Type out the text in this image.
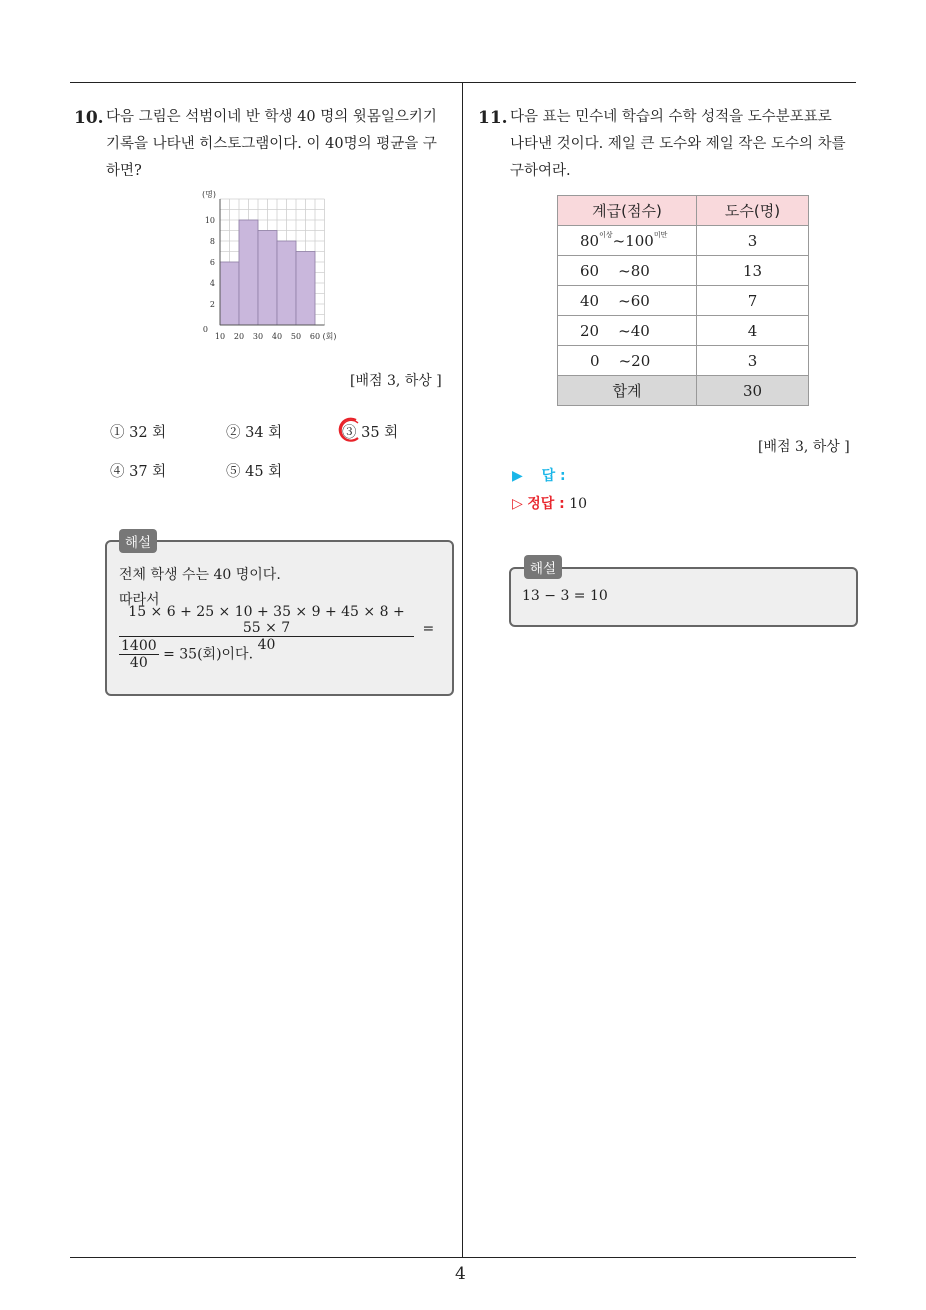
4
10. 다음 그림은 석범이네 반 학생 40 명의 윗몸일으키기
기록을 나타낸 히스토그램이다. 이 40명의 평균을 구
하면?
0
2
4
6
8
10
10 20 30 40 50 60
(명)
(회)
[배점 3, 하상 ]
① 32 회	② 34 회	③ 35 회
④ 37 회	⑤ 45 회
해설
전체 학생 수는 40 명이다.
따라서
$\frac{15 \times 6 + 25 \times 10 + 35 \times 9 + 45 \times 8 + 55 \times 7}{40}$ =
$\frac{1400}{40} = 35$(회)이다.
11. 다음 표는 민수네 학습의 수학 성적을 도수분포표로
나타낸 것이다. 제일 큰 도수와 제일 작은 도수의 차를
구하여라.
계급(점수)	도수(명)
$80^{이상}\sim 100^{미만}$	3
60    ~80	13
40    ~60	7
20    ~40	4
0    ~20	3
합계	30
[배점 3, 하상 ]
▶ 답 :
▷ 정답 : 10
해설
13 − 3 = 10
